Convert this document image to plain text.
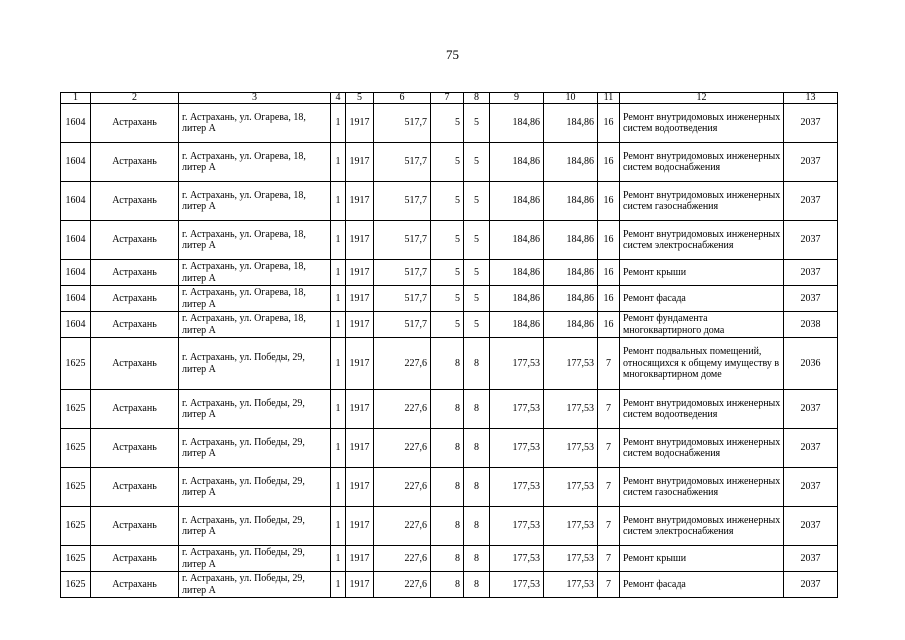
75
1	2	3	4	5	6	7	8	9	10	11	12	13
1604	Астрахань	г. Астрахань, ул. Огарева, 18, литер А	1	1917	517,7	5	5	184,86	184,86	16	Ремонт внутридомовых инженерных систем водоотведения	2037
1604	Астрахань	г. Астрахань, ул. Огарева, 18, литер А	1	1917	517,7	5	5	184,86	184,86	16	Ремонт внутридомовых инженерных систем водоснабжения	2037
1604	Астрахань	г. Астрахань, ул. Огарева, 18, литер А	1	1917	517,7	5	5	184,86	184,86	16	Ремонт внутридомовых инженерных систем газоснабжения	2037
1604	Астрахань	г. Астрахань, ул. Огарева, 18, литер А	1	1917	517,7	5	5	184,86	184,86	16	Ремонт внутридомовых инженерных систем электроснабжения	2037
1604	Астрахань	г. Астрахань, ул. Огарева, 18, литер А	1	1917	517,7	5	5	184,86	184,86	16	Ремонт крыши	2037
1604	Астрахань	г. Астрахань, ул. Огарева, 18, литер А	1	1917	517,7	5	5	184,86	184,86	16	Ремонт фасада	2037
1604	Астрахань	г. Астрахань, ул. Огарева, 18, литер А	1	1917	517,7	5	5	184,86	184,86	16	Ремонт фундамента многоквартирного дома	2038
1625	Астрахань	г. Астрахань, ул. Победы, 29, литер А	1	1917	227,6	8	8	177,53	177,53	7	Ремонт подвальных помещений, относящихся к общему имуществу в многоквартирном доме	2036
1625	Астрахань	г. Астрахань, ул. Победы, 29, литер А	1	1917	227,6	8	8	177,53	177,53	7	Ремонт внутридомовых инженерных систем водоотведения	2037
1625	Астрахань	г. Астрахань, ул. Победы, 29, литер А	1	1917	227,6	8	8	177,53	177,53	7	Ремонт внутридомовых инженерных систем водоснабжения	2037
1625	Астрахань	г. Астрахань, ул. Победы, 29, литер А	1	1917	227,6	8	8	177,53	177,53	7	Ремонт внутридомовых инженерных систем газоснабжения	2037
1625	Астрахань	г. Астрахань, ул. Победы, 29, литер А	1	1917	227,6	8	8	177,53	177,53	7	Ремонт внутридомовых инженерных систем электроснабжения	2037
1625	Астрахань	г. Астрахань, ул. Победы, 29, литер А	1	1917	227,6	8	8	177,53	177,53	7	Ремонт крыши	2037
1625	Астрахань	г. Астрахань, ул. Победы, 29, литер А	1	1917	227,6	8	8	177,53	177,53	7	Ремонт фасада	2037
